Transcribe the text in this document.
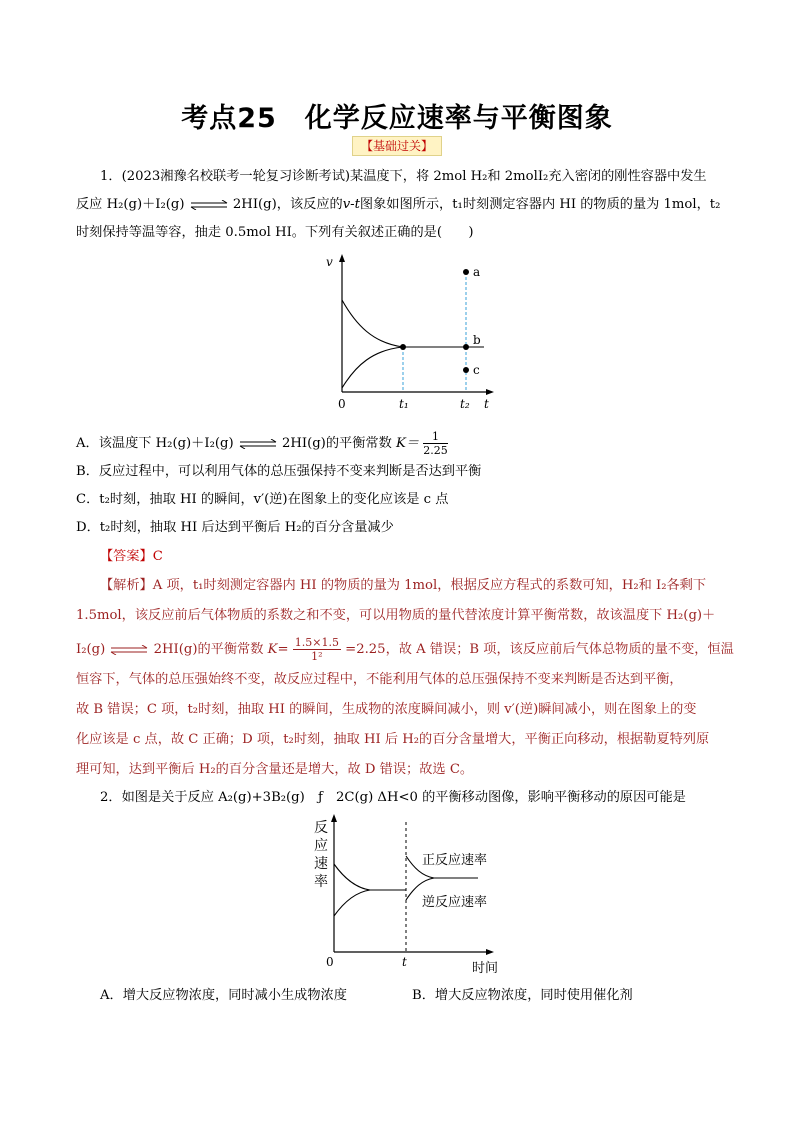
考点25　化学反应速率与平衡图象
【基础过关】
1．(2023湘豫名校联考一轮复习诊断考试)某温度下，将 2mol H₂和 2molI₂充入密闭的刚性容器中发生
反应 H₂(g)＋I₂(g) ⇌ 2HI(g)，该反应的v-t图象如图所示，t₁时刻测定容器内 HI 的物质的量为 1mol，t₂
时刻保持等温等容，抽走 0.5mol HI。下列有关叙述正确的是(　　)
v
0	t₁	t₂ t
a
b
c
A．该温度下 H₂(g)＋I₂(g) ⇌ 2HI(g)的平衡常数 $K= \frac{1}{2.25}$
B．反应过程中，可以利用气体的总压强保持不变来判断是否达到平衡
C．t₂时刻，抽取 HI 的瞬间，v′(逆)在图象上的变化应该是 c 点
D．t₂时刻，抽取 HI 后达到平衡后 H₂的百分含量减少
【答案】C
【解析】A 项，t₁时刻测定容器内 HI 的物质的量为 1mol，根据反应方程式的系数可知，H₂和 I₂各剩下
1.5mol，该反应前后气体物质的系数之和不变，可以用物质的量代替浓度计算平衡常数，故该温度下 H₂(g)＋
I₂(g) ⇌ 2HI(g)的平衡常数 $K= \frac{1.5\times 1.5}{\text{1²}} =2.25$，故 A 错误；B 项，该反应前后气体总物质的量不变，恒温
恒容下，气体的总压强始终不变，故反应过程中，不能利用气体的总压强保持不变来判断是否达到平衡，
故 B 错误；C 项，t₂时刻，抽取 HI 的瞬间，生成物的浓度瞬间减小，则 v′(逆)瞬间减小，则在图象上的变
化应该是 c 点，故 C 正确；D 项，t₂时刻，抽取 HI 后 H₂的百分含量增大，平衡正向移动，根据勒夏特列原
理可知，达到平衡后 H₂的百分含量还是增大，故 D 错误；故选 C。
2．如图是关于反应 A₂(g)+3B₂(g)　ƒ　2C(g) ΔH<0 的平衡移动图像，影响平衡移动的原因可能是
反
应
速
率
0	t	时间
正反应速率
逆反应速率
A．增大反应物浓度，同时减小生成物浓度	B．增大反应物浓度，同时使用催化剂
